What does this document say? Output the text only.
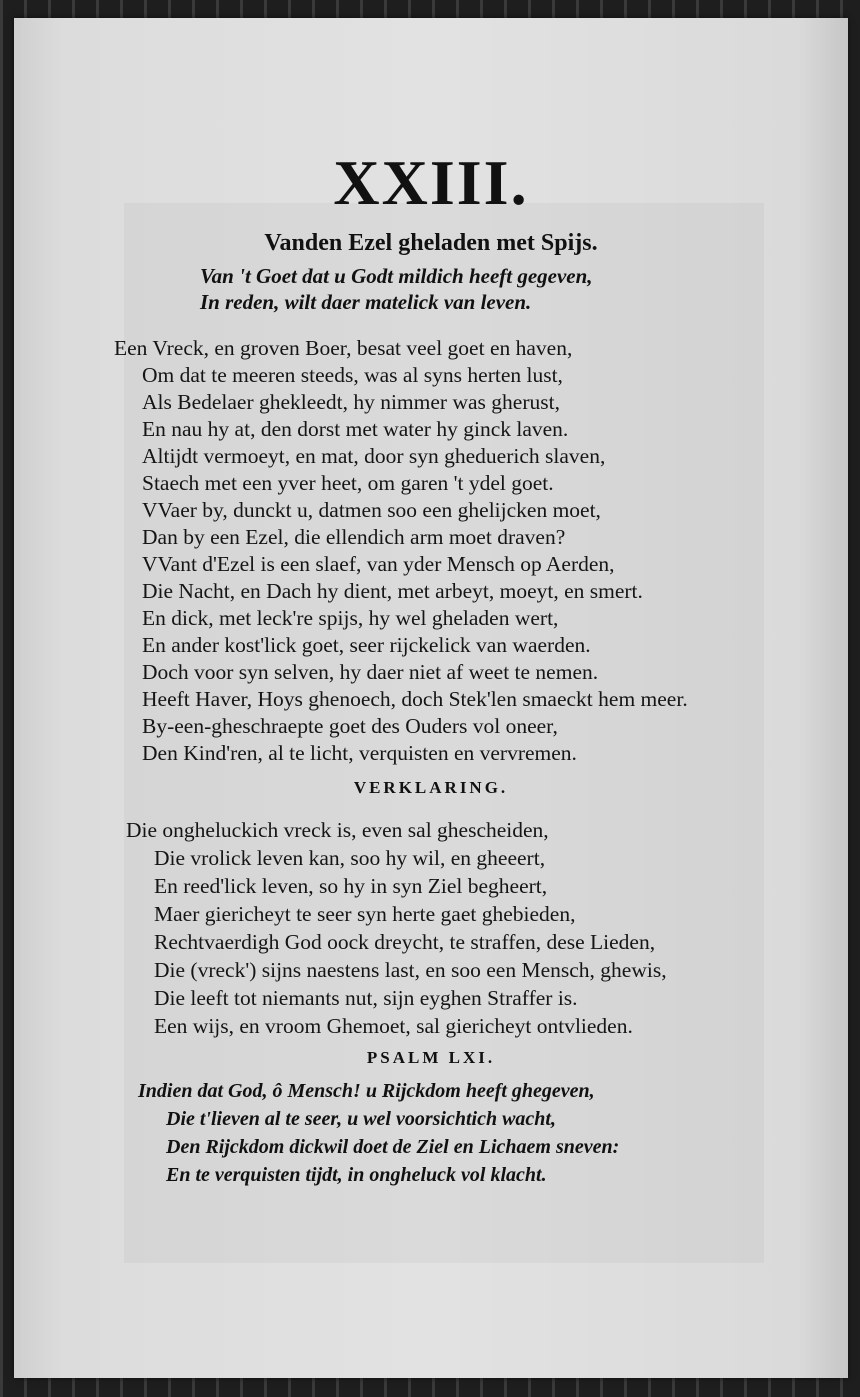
XXIII.
Vanden Ezel gheladen met Spijs.
Van 't Goet dat u Godt mildich heeft gegeven,
In reden, wilt daer matelick van leven.
Een Vreck, en groven Boer, besat veel goet en haven,
Om dat te meeren steeds, was al syns herten lust,
Als Bedelaer ghekleedt, hy nimmer was gherust,
En nau hy at, den dorst met water hy ginck laven.
Altijdt vermoeyt, en mat, door syn gheduerich slaven,
Staech met een yver heet, om garen 't ydel goet.
VVaer by, dunckt u, datmen soo een ghelijcken moet,
Dan by een Ezel, die ellendich arm moet draven?
VVant d'Ezel is een slaef, van yder Mensch op Aerden,
Die Nacht, en Dach hy dient, met arbeyt, moeyt, en smert.
En dick, met leck're spijs, hy wel gheladen wert,
En ander kost'lick goet, seer rijckelick van waerden.
Doch voor syn selven, hy daer niet af weet te nemen.
Heeft Haver, Hoys ghenoech, doch Stek'len smaeckt hem meer.
By-een-gheschraepte goet des Ouders vol oneer,
Den Kind'ren, al te licht, verquisten en vervremen.
VERKLARING.
Die ongheluckich vreck is, even sal ghescheiden,
Die vrolick leven kan, soo hy wil, en gheeert,
En reed'lick leven, so hy in syn Ziel begheert,
Maer giericheyt te seer syn herte gaet ghebieden,
Rechtvaerdigh God oock dreycht, te straffen, dese Lieden,
Die (vreck') sijns naestens last, en soo een Mensch, ghewis,
Die leeft tot niemants nut, sijn eyghen Straffer is.
Een wijs, en vroom Ghemoet, sal giericheyt ontvlieden.
PSALM LXI.
Indien dat God, ô Mensch! u Rijckdom heeft ghegeven,
Die t'lieven al te seer, u wel voorsichtich wacht,
Den Rijckdom dickwil doet de Ziel en Lichaem sneven:
En te verquisten tijdt, in ongheluck vol klacht.
